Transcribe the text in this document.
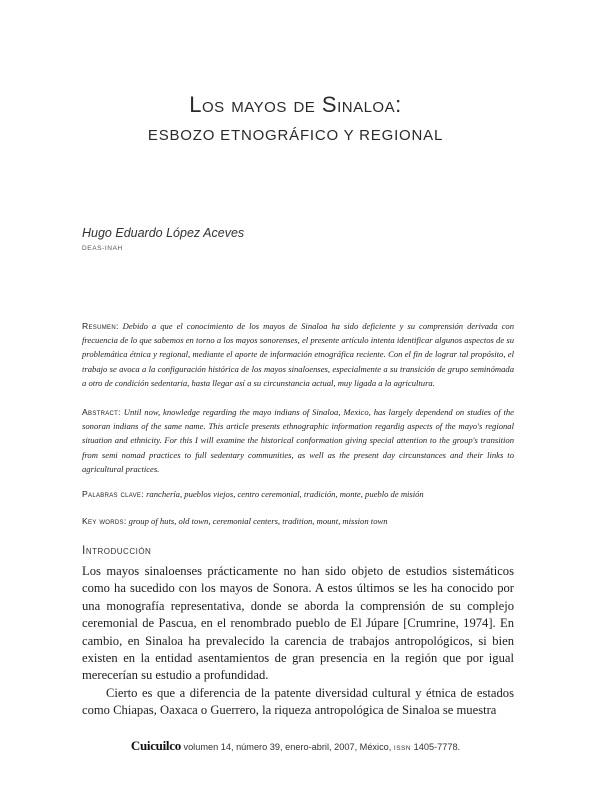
Los mayos de Sinaloa:
ESBOZO ETNOGRÁFICO Y REGIONAL
Hugo Eduardo López Aceves
DEAS-INAH
Resumen: Debido a que el conocimiento de los mayos de Sinaloa ha sido deficiente y su comprensión derivada con frecuencia de lo que sabemos en torno a los mayos sonorenses, el presente artículo intenta identificar algunos aspectos de su problemática étnica y regional, mediante el aporte de información etnográfica reciente. Con el fin de lograr tal propósito, el trabajo se avoca a la configuración histórica de los mayos sinaloenses, especialmente a su transición de grupo seminómada a otro de condición sedentaria, hasta llegar así a su circunstancia actual, muy ligada a la agricultura.
Abstract: Until now, knowledge regarding the mayo indians of Sinaloa, Mexico, has largely dependend on studies of the sonoran indians of the same name. This article presents ethnographic information regardig aspects of the mayo's regional situation and ethnicity. For this I will examine the historical conformation giving special attention to the group's transition from semi nomad practices to full sedentary communities, as well as the present day circunstances and their links to agricultural practices.
Palabras clave: ranchería, pueblos viejos, centro ceremonial, tradición, monte, pueblo de misión
Key words: group of huts, old town, ceremonial centers, tradition, mount, mission town
Introducción

Los mayos sinaloenses prácticamente no han sido objeto de estudios sistemáticos como ha sucedido con los mayos de Sonora. A estos últimos se les ha conocido por una monografía representativa, donde se aborda la comprensión de su complejo ceremonial de Pascua, en el renombrado pueblo de El Júpare [Crumrine, 1974]. En cambio, en Sinaloa ha prevalecido la carencia de trabajos antropológicos, si bien existen en la entidad asentamientos de gran presencia en la región que por igual merecerían su estudio a profundidad.

Cierto es que a diferencia de la patente diversidad cultural y étnica de estados como Chiapas, Oaxaca o Guerrero, la riqueza antropológica de Sinaloa se muestra

Cuicuilco volumen 14, número 39, enero-abril, 2007, México, ISSN 1405-7778.
